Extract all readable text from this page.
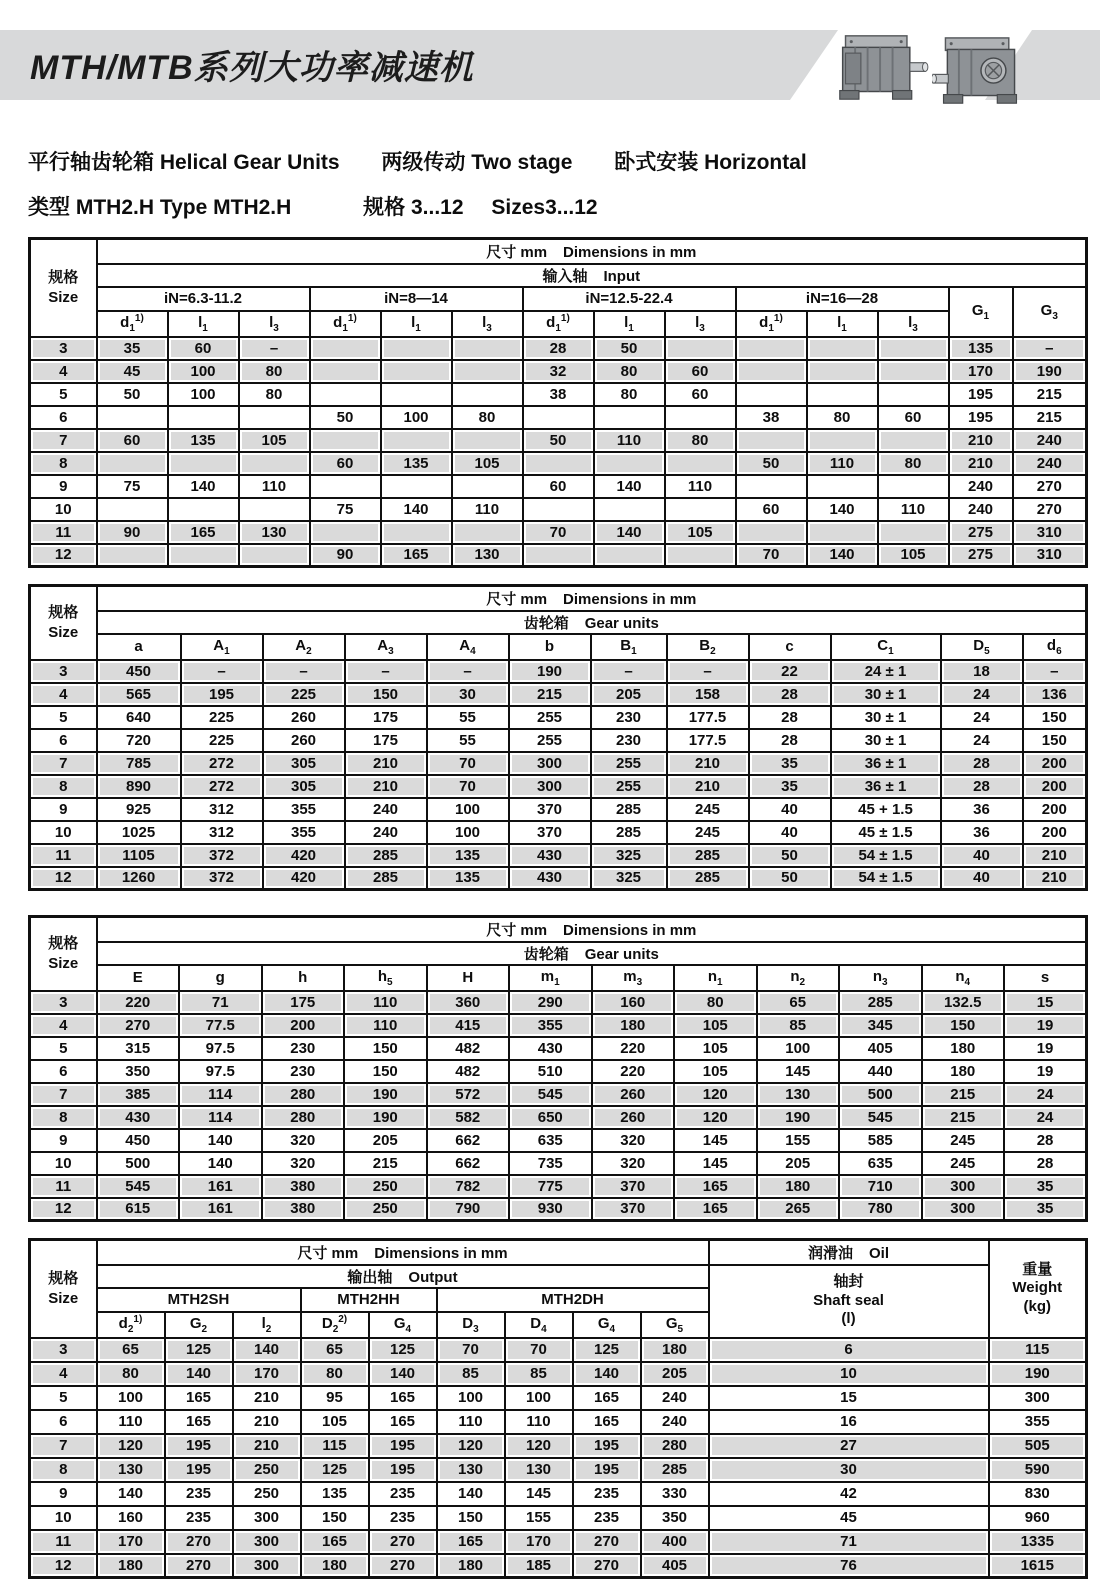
MTH/MTB系列大功率减速机
平行轴齿轮箱 Helical Gear Units 两级传动 Two stage 卧式安装 Horizontal
类型 MTH2.H Type MTH2.H	规格 3...12 Sizes3...12
规格
Size	尺寸 mm Dimensions in mm													
	输入轴 Input													
	iN=6.3-11.2			iN=8—14			iN=12.5-22.4			iN=16—28			$G_1$	$G_3$
	$d_1^{1)}$	$l_1$	$l_3$	$d_1^{1)}$	$l_1$	$l_3$	$d_1^{1)}$	$l_1$	$l_3$	$d_1^{1)}$	$l_1$	$l_3$
3	35	60	–				28	50					135	–
4	45	100	80				32	80	60				170	190
5	50	100	80				38	80	60				195	215
6				50	100	80				38	80	60	195	215
7	60	135	105				50	110	80				210	240
8				60	135	105				50	110	80	210	240
9	75	140	110				60	140	110				240	270
10				75	140	110				60	140	110	240	270
11	90	165	130				70	140	105				275	310
12				90	165	130				70	140	105	275	310
规格
Size	尺寸 mm Dimensions in mm											
	齿轮箱 Gear units											
	a	$A_1$	$A_2$	$A_3$	$A_4$	b	$B_1$	$B_2$	c	$C_1$	$D_5$	$d_6$
3	450	–	–	–	–	190	–	–	22	24 ± 1	18	–
4	565	195	225	150	30	215	205	158	28	30 ± 1	24	136
5	640	225	260	175	55	255	230	177.5	28	30 ± 1	24	150
6	720	225	260	175	55	255	230	177.5	28	30 ± 1	24	150
7	785	272	305	210	70	300	255	210	35	36 ± 1	28	200
8	890	272	305	210	70	300	255	210	35	36 ± 1	28	200
9	925	312	355	240	100	370	285	245	40	45 + 1.5	36	200
10	1025	312	355	240	100	370	285	245	40	45 ± 1.5	36	200
11	1105	372	420	285	135	430	325	285	50	54 ± 1.5	40	210
12	1260	372	420	285	135	430	325	285	50	54 ± 1.5	40	210
规格
Size	尺寸 mm Dimensions in mm											
	齿轮箱 Gear units											
	E	g	h	$h_5$	H	$m_1$	$m_3$	$n_1$	$n_2$	$n_3$	$n_4$	s
3	220	71	175	110	360	290	160	80	65	285	132.5	15
4	270	77.5	200	110	415	355	180	105	85	345	150	19
5	315	97.5	230	150	482	430	220	105	100	405	180	19
6	350	97.5	230	150	482	510	220	105	145	440	180	19
7	385	114	280	190	572	545	260	120	130	500	215	24
8	430	114	280	190	582	650	260	120	190	545	215	24
9	450	140	320	205	662	635	320	145	155	585	245	28
10	500	140	320	215	662	735	320	145	205	635	245	28
11	545	161	380	250	782	775	370	165	180	710	300	35
12	615	161	380	250	790	930	370	165	265	780	300	35
规格
Size	尺寸 mm Dimensions in mm									润滑油 Oil	重量
Weight
(kg)
	输出轴 Output									轴封
Shaft seal
(l)	
	MTH2SH			MTH2HH		MTH2DH					
	$d_2^{1)}$	$G_2$	$l_2$	$D_2^{2)}$	$G_4$	$D_3$	$D_4$	$G_4$	$G_5$
3	65	125	140	65	125	70	70	125	180	6	115
4	80	140	170	80	140	85	85	140	205	10	190
5	100	165	210	95	165	100	100	165	240	15	300
6	110	165	210	105	165	110	110	165	240	16	355
7	120	195	210	115	195	120	120	195	280	27	505
8	130	195	250	125	195	130	130	195	285	30	590
9	140	235	250	135	235	140	145	235	330	42	830
10	160	235	300	150	235	150	155	235	350	45	960
11	170	270	300	165	270	165	170	270	400	71	1335
12	180	270	300	180	270	180	185	270	405	76	1615
